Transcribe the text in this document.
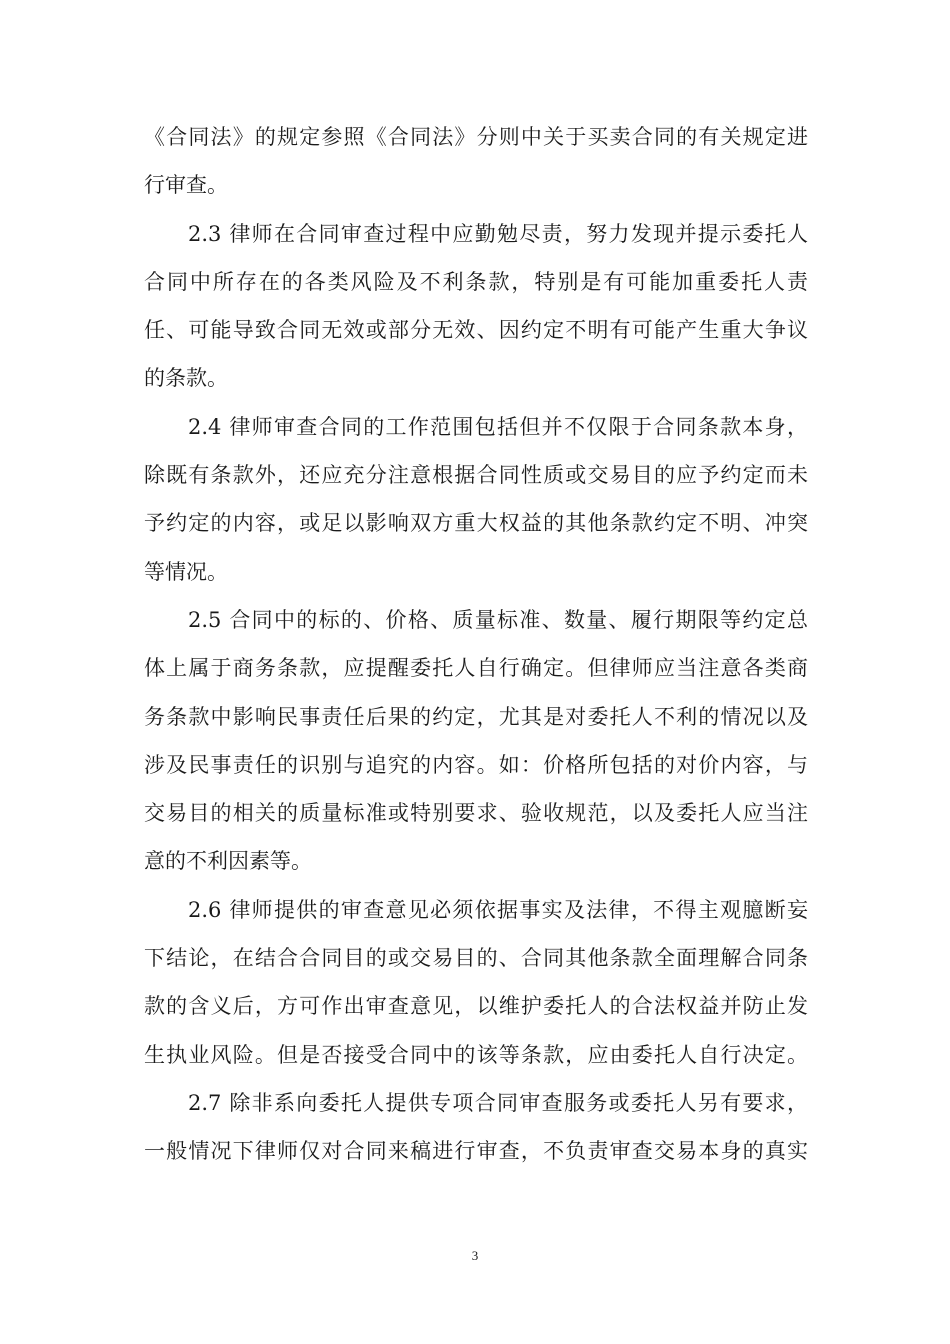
《合同法》的规定参照《合同法》分则中关于买卖合同的有关规定进
行审查。
2.3 律师在合同审查过程中应勤勉尽责，努力发现并提示委托人
合同中所存在的各类风险及不利条款，特别是有可能加重委托人责
任、可能导致合同无效或部分无效、因约定不明有可能产生重大争议
的条款。
2.4 律师审查合同的工作范围包括但并不仅限于合同条款本身，
除既有条款外，还应充分注意根据合同性质或交易目的应予约定而未
予约定的内容，或足以影响双方重大权益的其他条款约定不明、冲突
等情况。
2.5 合同中的标的、价格、质量标准、数量、履行期限等约定总
体上属于商务条款，应提醒委托人自行确定。但律师应当注意各类商
务条款中影响民事责任后果的约定，尤其是对委托人不利的情况以及
涉及民事责任的识别与追究的内容。如：价格所包括的对价内容，与
交易目的相关的质量标准或特别要求、验收规范，以及委托人应当注
意的不利因素等。
2.6 律师提供的审查意见必须依据事实及法律，不得主观臆断妄
下结论，在结合合同目的或交易目的、合同其他条款全面理解合同条
款的含义后，方可作出审查意见，以维护委托人的合法权益并防止发
生执业风险。但是否接受合同中的该等条款，应由委托人自行决定。
2.7 除非系向委托人提供专项合同审查服务或委托人另有要求，
一般情况下律师仅对合同来稿进行审查，不负责审查交易本身的真实
3
